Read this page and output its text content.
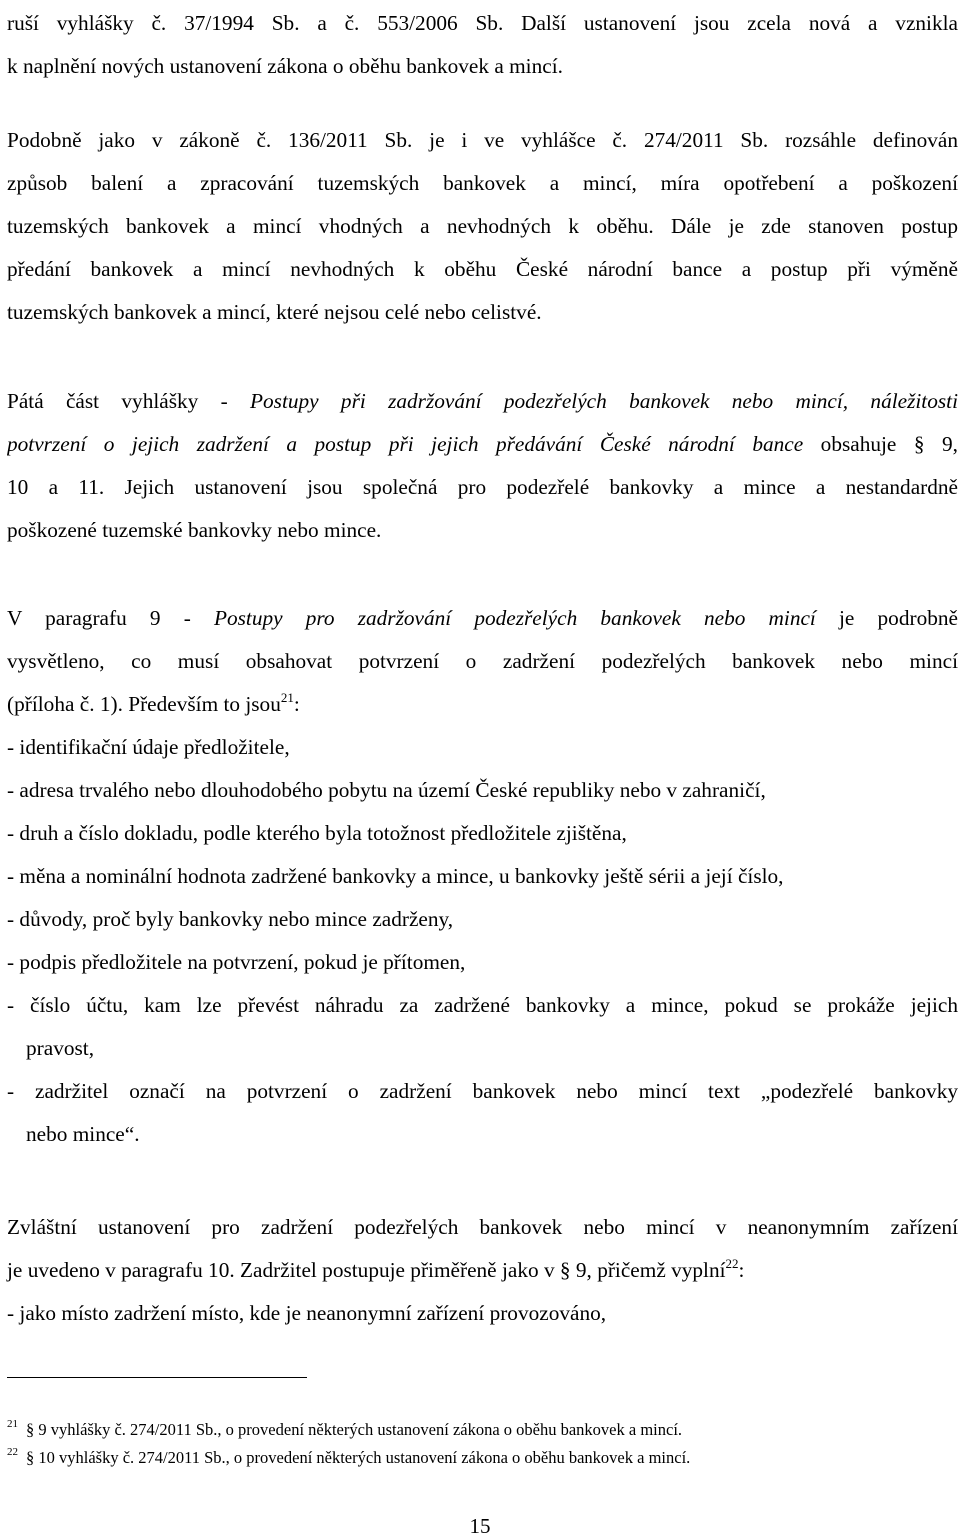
ruší vyhlášky č. 37/1994 Sb. a č. 553/2006 Sb. Další ustanovení jsou zcela nová a vznikla
k naplnění nových ustanovení zákona o oběhu bankovek a mincí.
Podobně jako v zákoně č. 136/2011 Sb. je i ve vyhlášce č. 274/2011 Sb. rozsáhle definován
způsob balení a zpracování tuzemských bankovek a mincí, míra opotřebení a poškození
tuzemských bankovek a mincí vhodných a nevhodných k oběhu. Dále je zde stanoven postup
předání bankovek a mincí nevhodných k oběhu České národní bance a postup při výměně
tuzemských bankovek a mincí, které nejsou celé nebo celistvé.
Pátá část vyhlášky - Postupy při zadržování podezřelých bankovek nebo mincí, náležitosti
potvrzení o jejich zadržení a postup při jejich předávání České národní bance obsahuje § 9,
10 a 11. Jejich ustanovení jsou společná pro podezřelé bankovky a mince a nestandardně
poškozené tuzemské bankovky nebo mince.
V paragrafu 9 - Postupy pro zadržování podezřelých bankovek nebo mincí je podrobně
vysvětleno, co musí obsahovat potvrzení o zadržení podezřelých bankovek nebo mincí
(příloha č. 1). Především to jsou$^{21}$:
- identifikační údaje předložitele,
- adresa trvalého nebo dlouhodobého pobytu na území České republiky nebo v zahraničí,
- druh a číslo dokladu, podle kterého byla totožnost předložitele zjištěna,
- měna a nominální hodnota zadržené bankovky a mince, u bankovky ještě sérii a její číslo,
- důvody, proč byly bankovky nebo mince zadrženy,
- podpis předložitele na potvrzení, pokud je přítomen,
- číslo účtu, kam lze převést náhradu za zadržené bankovky a mince, pokud se prokáže jejich
pravost,
- zadržitel označí na potvrzení o zadržení bankovek nebo mincí text „podezřelé bankovky
nebo mince“.
Zvláštní ustanovení pro zadržení podezřelých bankovek nebo mincí v neanonymním zařízení
je uvedeno v paragrafu 10. Zadržitel postupuje přiměřeně jako v § 9, přičemž vyplní$^{22}$:
- jako místo zadržení místo, kde je neanonymní zařízení provozováno,
$^{21}$ § 9 vyhlášky č. 274/2011 Sb., o provedení některých ustanovení zákona o oběhu bankovek a mincí.
$^{22}$ § 10 vyhlášky č. 274/2011 Sb., o provedení některých ustanovení zákona o oběhu bankovek a mincí.
15
